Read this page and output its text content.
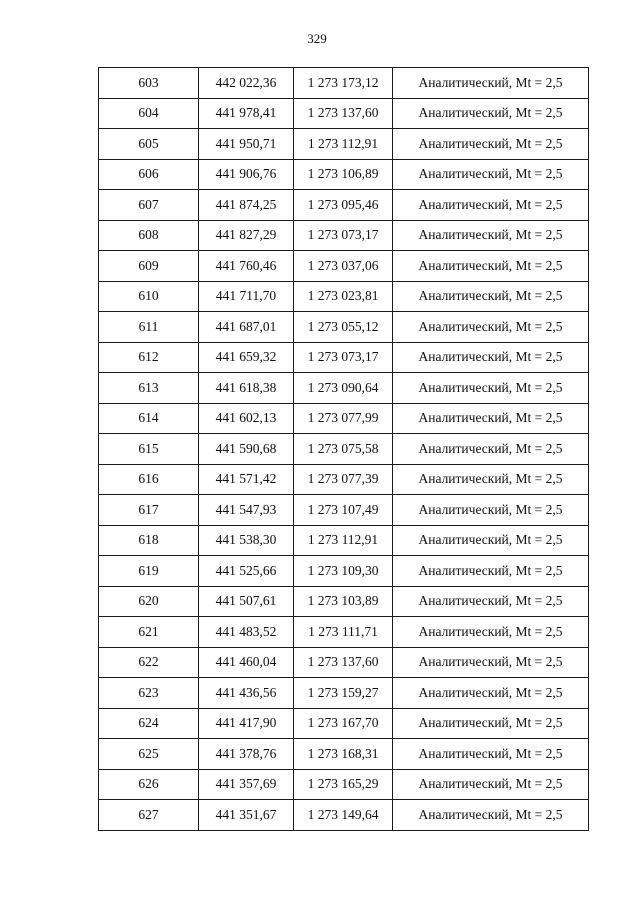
329
603	442 022,36	1 273 173,12	Аналитический, Mt = 2,5
604	441 978,41	1 273 137,60	Аналитический, Mt = 2,5
605	441 950,71	1 273 112,91	Аналитический, Mt = 2,5
606	441 906,76	1 273 106,89	Аналитический, Mt = 2,5
607	441 874,25	1 273 095,46	Аналитический, Mt = 2,5
608	441 827,29	1 273 073,17	Аналитический, Mt = 2,5
609	441 760,46	1 273 037,06	Аналитический, Mt = 2,5
610	441 711,70	1 273 023,81	Аналитический, Mt = 2,5
611	441 687,01	1 273 055,12	Аналитический, Mt = 2,5
612	441 659,32	1 273 073,17	Аналитический, Mt = 2,5
613	441 618,38	1 273 090,64	Аналитический, Mt = 2,5
614	441 602,13	1 273 077,99	Аналитический, Mt = 2,5
615	441 590,68	1 273 075,58	Аналитический, Mt = 2,5
616	441 571,42	1 273 077,39	Аналитический, Mt = 2,5
617	441 547,93	1 273 107,49	Аналитический, Mt = 2,5
618	441 538,30	1 273 112,91	Аналитический, Mt = 2,5
619	441 525,66	1 273 109,30	Аналитический, Mt = 2,5
620	441 507,61	1 273 103,89	Аналитический, Mt = 2,5
621	441 483,52	1 273 111,71	Аналитический, Mt = 2,5
622	441 460,04	1 273 137,60	Аналитический, Mt = 2,5
623	441 436,56	1 273 159,27	Аналитический, Mt = 2,5
624	441 417,90	1 273 167,70	Аналитический, Mt = 2,5
625	441 378,76	1 273 168,31	Аналитический, Mt = 2,5
626	441 357,69	1 273 165,29	Аналитический, Mt = 2,5
627	441 351,67	1 273 149,64	Аналитический, Mt = 2,5
